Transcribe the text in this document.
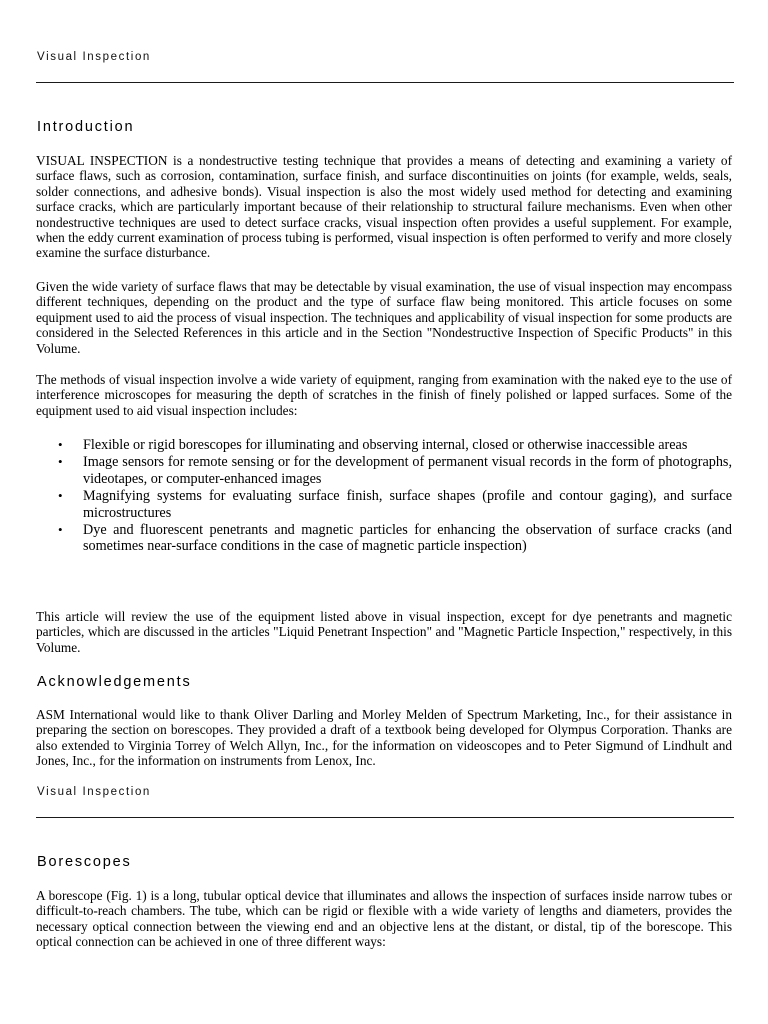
Visual Inspection
Introduction

VISUAL INSPECTION is a nondestructive testing technique that provides a means of detecting and examining a variety of surface flaws, such as corrosion, contamination, surface finish, and surface discontinuities on joints (for example, welds, seals, solder connections, and adhesive bonds). Visual inspection is also the most widely used method for detecting and examining surface cracks, which are particularly important because of their relationship to structural failure mechanisms. Even when other nondestructive techniques are used to detect surface cracks, visual inspection often provides a useful supplement. For example, when the eddy current examination of process tubing is performed, visual inspection is often performed to verify and more closely examine the surface disturbance.

Given the wide variety of surface flaws that may be detectable by visual examination, the use of visual inspection may encompass different techniques, depending on the product and the type of surface flaw being monitored. This article focuses on some equipment used to aid the process of visual inspection. The techniques and applicability of visual inspection for some products are considered in the Selected References in this article and in the Section "Nondestructive Inspection of Specific Products" in this Volume.

The methods of visual inspection involve a wide variety of equipment, ranging from examination with the naked eye to the use of interference microscopes for measuring the depth of scratches in the finish of finely polished or lapped surfaces. Some of the equipment used to aid visual inspection includes:

• Flexible or rigid borescopes for illuminating and observing internal, closed or otherwise inaccessible areas
• Image sensors for remote sensing or for the development of permanent visual records in the form of photographs, videotapes, or computer-enhanced images
• Magnifying systems for evaluating surface finish, surface shapes (profile and contour gaging), and surface microstructures
• Dye and fluorescent penetrants and magnetic particles for enhancing the observation of surface cracks (and sometimes near-surface conditions in the case of magnetic particle inspection)

This article will review the use of the equipment listed above in visual inspection, except for dye penetrants and magnetic particles, which are discussed in the articles "Liquid Penetrant Inspection" and "Magnetic Particle Inspection," respectively, in this Volume.

Acknowledgements

ASM International would like to thank Oliver Darling and Morley Melden of Spectrum Marketing, Inc., for their assistance in preparing the section on borescopes. They provided a draft of a textbook being developed for Olympus Corporation. Thanks are also extended to Virginia Torrey of Welch Allyn, Inc., for the information on videoscopes and to Peter Sigmund of Lindhult and Jones, Inc., for the information on instruments from Lenox, Inc.

Visual Inspection
Borescopes

A borescope (Fig. 1) is a long, tubular optical device that illuminates and allows the inspection of surfaces inside narrow tubes or difficult-to-reach chambers. The tube, which can be rigid or flexible with a wide variety of lengths and diameters, provides the necessary optical connection between the viewing end and an objective lens at the distant, or distal, tip of the borescope. This optical connection can be achieved in one of three different ways:
